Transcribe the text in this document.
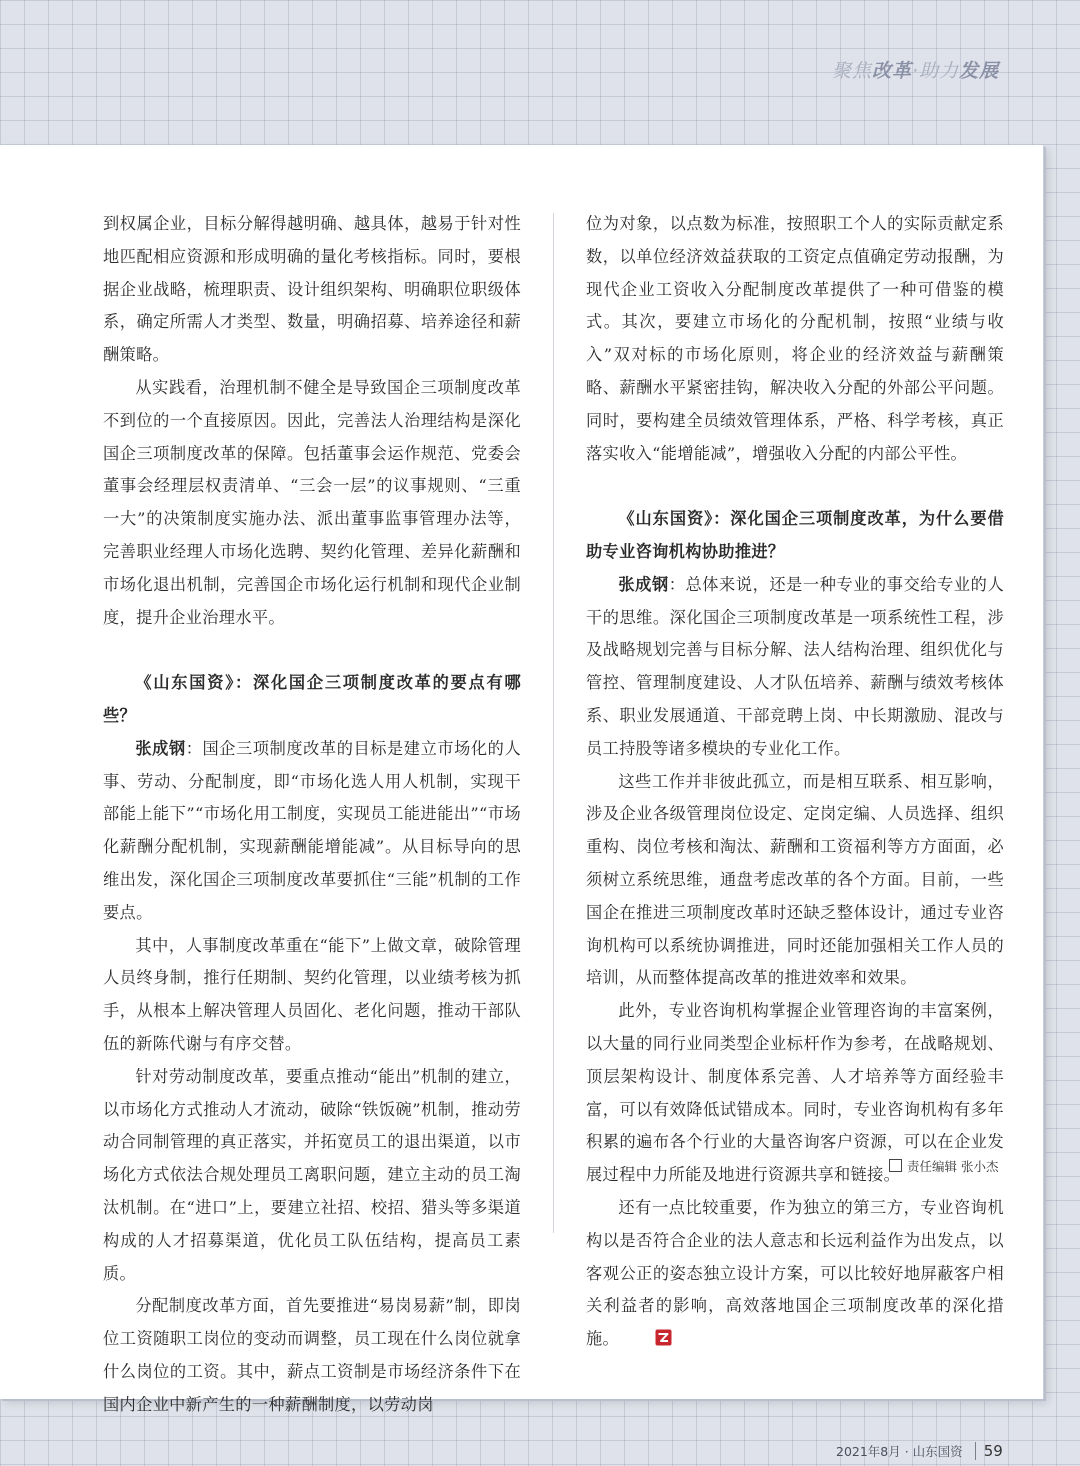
聚焦改革·助力发展

到权属企业，目标分解得越明确、越具体，越易于针对性地匹配相应资源和形成明确的量化考核指标。同时，要根据企业战略，梳理职责、设计组织架构、明确职位职级体系，确定所需人才类型、数量，明确招募、培养途径和薪酬策略。

从实践看，治理机制不健全是导致国企三项制度改革不到位的一个直接原因。因此，完善法人治理结构是深化国企三项制度改革的保障。包括董事会运作规范、党委会董事会经理层权责清单、“三会一层”的议事规则、“三重一大”的决策制度实施办法、派出董事监事管理办法等，完善职业经理人市场化选聘、契约化管理、差异化薪酬和市场化退出机制，完善国企市场化运行机制和现代企业制度，提升企业治理水平。

《山东国资》：深化国企三项制度改革的要点有哪些？

张成钢：国企三项制度改革的目标是建立市场化的人事、劳动、分配制度，即“市场化选人用人机制，实现干部能上能下”“市场化用工制度，实现员工能进能出”“市场化薪酬分配机制，实现薪酬能增能减”。从目标导向的思维出发，深化国企三项制度改革要抓住“三能”机制的工作要点。

其中，人事制度改革重在“能下”上做文章，破除管理人员终身制，推行任期制、契约化管理，以业绩考核为抓手，从根本上解决管理人员固化、老化问题，推动干部队伍的新陈代谢与有序交替。

针对劳动制度改革，要重点推动“能出”机制的建立，以市场化方式推动人才流动，破除“铁饭碗”机制，推动劳动合同制管理的真正落实，并拓宽员工的退出渠道，以市场化方式依法合规处理员工离职问题，建立主动的员工淘汰机制。在“进口”上，要建立社招、校招、猎头等多渠道构成的人才招募渠道，优化员工队伍结构，提高员工素质。

分配制度改革方面，首先要推进“易岗易薪”制，即岗位工资随职工岗位的变动而调整，员工现在什么岗位就拿什么岗位的工资。其中，薪点工资制是市场经济条件下在国内企业中新产生的一种薪酬制度，以劳动岗

位为对象，以点数为标准，按照职工个人的实际贡献定系数，以单位经济效益获取的工资定点值确定劳动报酬，为现代企业工资收入分配制度改革提供了一种可借鉴的模式。其次，要建立市场化的分配机制，按照“业绩与收入”双对标的市场化原则，将企业的经济效益与薪酬策略、薪酬水平紧密挂钩，解决收入分配的外部公平问题。同时，要构建全员绩效管理体系，严格、科学考核，真正落实收入“能增能减”，增强收入分配的内部公平性。

《山东国资》：深化国企三项制度改革，为什么要借助专业咨询机构协助推进？

张成钢：总体来说，还是一种专业的事交给专业的人干的思维。深化国企三项制度改革是一项系统性工程，涉及战略规划完善与目标分解、法人结构治理、组织优化与管控、管理制度建设、人才队伍培养、薪酬与绩效考核体系、职业发展通道、干部竞聘上岗、中长期激励、混改与员工持股等诸多模块的专业化工作。

这些工作并非彼此孤立，而是相互联系、相互影响，涉及企业各级管理岗位设定、定岗定编、人员选择、组织重构、岗位考核和淘汰、薪酬和工资福利等方方面面，必须树立系统思维，通盘考虑改革的各个方面。目前，一些国企在推进三项制度改革时还缺乏整体设计，通过专业咨询机构可以系统协调推进，同时还能加强相关工作人员的培训，从而整体提高改革的推进效率和效果。

此外，专业咨询机构掌握企业管理咨询的丰富案例，以大量的同行业同类型企业标杆作为参考，在战略规划、顶层架构设计、制度体系完善、人才培养等方面经验丰富，可以有效降低试错成本。同时，专业咨询机构有多年积累的遍布各个行业的大量咨询客户资源，可以在企业发展过程中力所能及地进行资源共享和链接。

还有一点比较重要，作为独立的第三方，专业咨询机构以是否符合企业的法人意志和长远利益作为出发点，以客观公正的姿态独立设计方案，可以比较好地屏蔽客户相关利益者的影响，高效落地国企三项制度改革的深化措施。

责任编辑 张小杰
2021年8月 · 山东国资 59
